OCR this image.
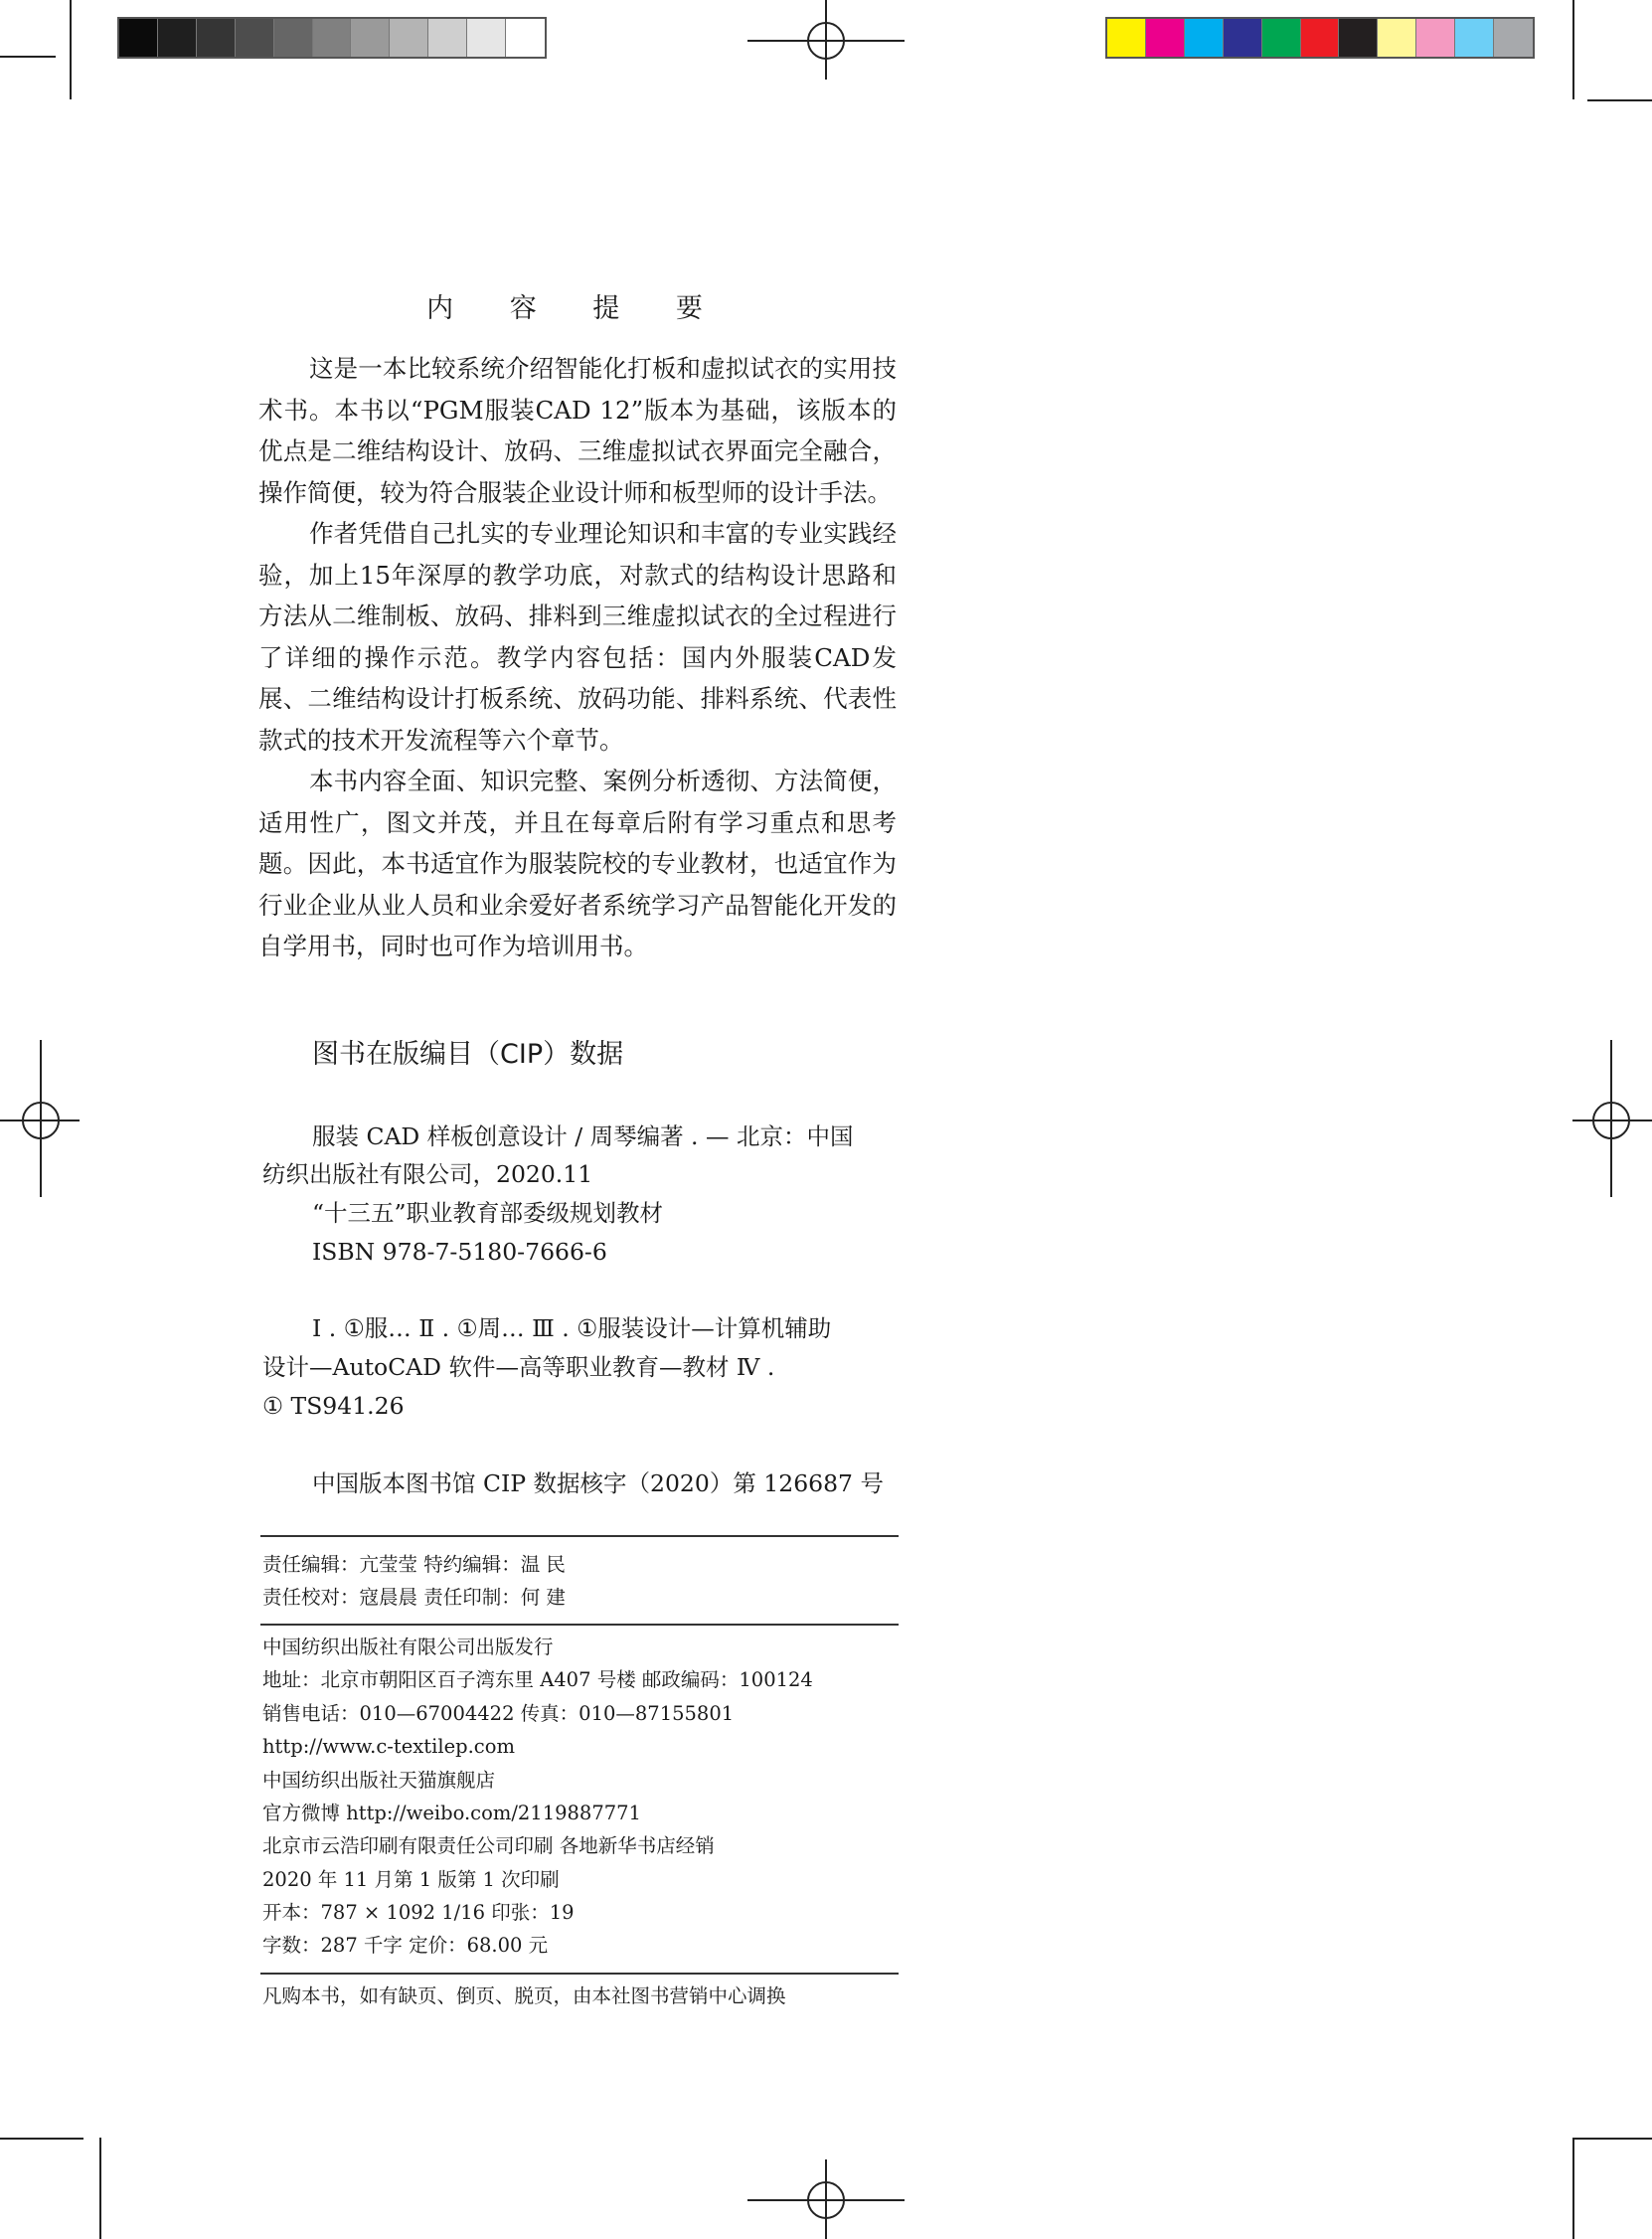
内 容 提 要

这是一本比较系统介绍智能化打板和虚拟试衣的实用技术书。本书以“PGM服装CAD 12”版本为基础，该版本的优点是二维结构设计、放码、三维虚拟试衣界面完全融合，操作简便，较为符合服装企业设计师和板型师的设计手法。

作者凭借自己扎实的专业理论知识和丰富的专业实践经验，加上15年深厚的教学功底，对款式的结构设计思路和方法从二维制板、放码、排料到三维虚拟试衣的全过程进行了详细的操作示范。教学内容包括：国内外服装CAD发展、二维结构设计打板系统、放码功能、排料系统、代表性款式的技术开发流程等六个章节。

本书内容全面、知识完整、案例分析透彻、方法简便，适用性广，图文并茂，并且在每章后附有学习重点和思考题。因此，本书适宜作为服装院校的专业教材，也适宜作为行业企业从业人员和业余爱好者系统学习产品智能化开发的自学用书，同时也可作为培训用书。

图书在版编目（CIP）数据
服装 CAD 样板创意设计 / 周琴编著 . — 北京：中国
纺织出版社有限公司，2020.11
“十三五”职业教育部委级规划教材
ISBN 978-7-5180-7666-6
Ⅰ . ①服… Ⅱ . ①周… Ⅲ . ①服装设计—计算机辅助
设计—AutoCAD 软件—高等职业教育—教材 Ⅳ .
① TS941.26
中国版本图书馆 CIP 数据核字（2020）第 126687 号
责任编辑：亢莹莹 特约编辑：温 民
责任校对：寇晨晨 责任印制：何 建
中国纺织出版社有限公司出版发行
地址：北京市朝阳区百子湾东里 A407 号楼 邮政编码：100124
销售电话：010—67004422 传真：010—87155801
http://www.c-textilep.com
中国纺织出版社天猫旗舰店
官方微博 http://weibo.com/2119887771
北京市云浩印刷有限责任公司印刷 各地新华书店经销
2020 年 11 月第 1 版第 1 次印刷
开本：787 × 1092 1/16 印张：19
字数：287 千字 定价：68.00 元
凡购本书，如有缺页、倒页、脱页，由本社图书营销中心调换
